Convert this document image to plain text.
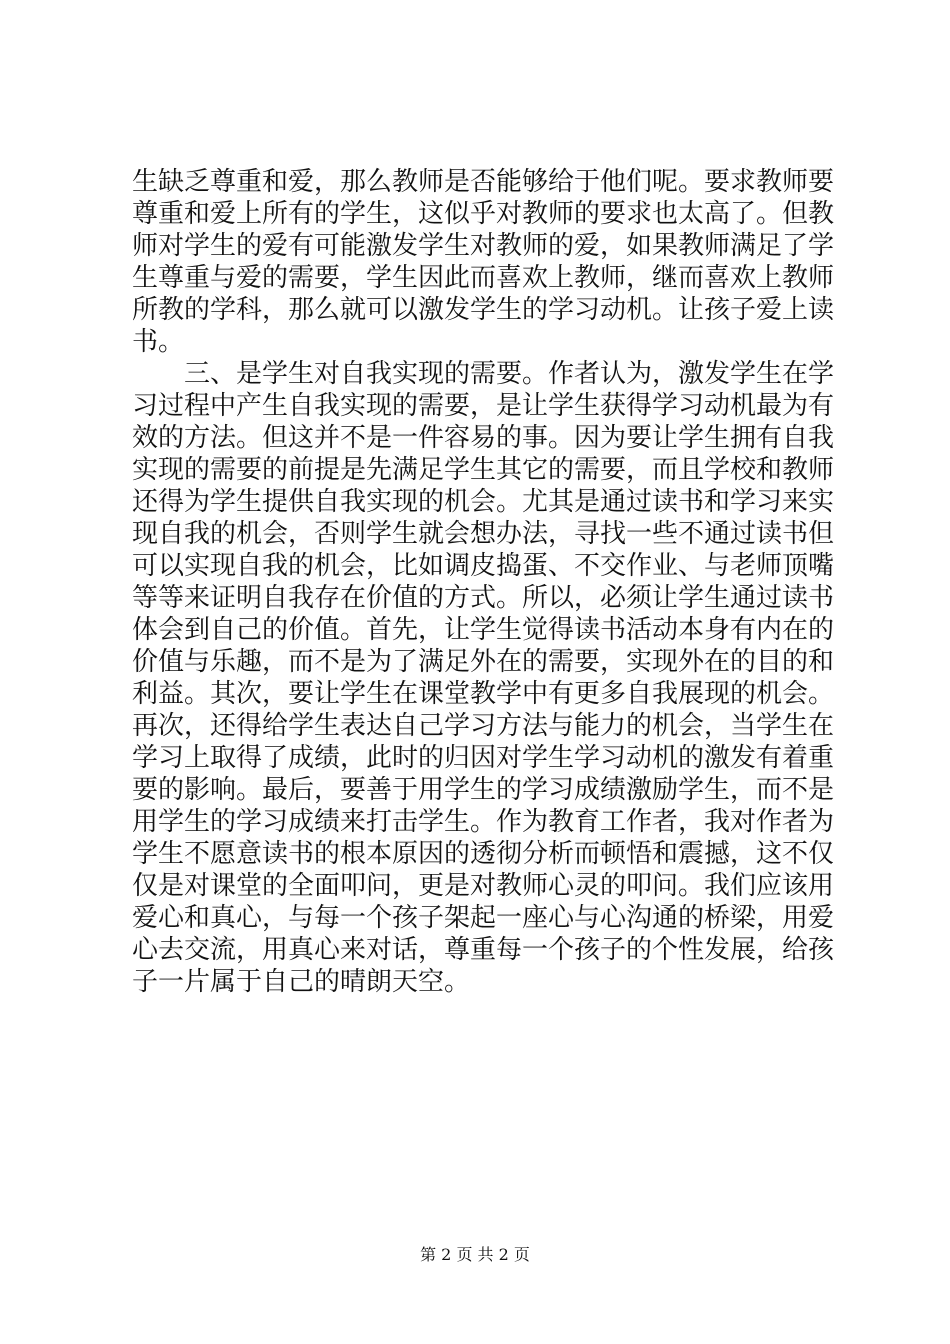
生缺乏尊重和爱，那么教师是否能够给于他们呢。要求教师要
尊重和爱上所有的学生，这似乎对教师的要求也太高了。但教
师对学生的爱有可能激发学生对教师的爱，如果教师满足了学
生尊重与爱的需要，学生因此而喜欢上教师，继而喜欢上教师
所教的学科，那么就可以激发学生的学习动机。让孩子爱上读
书。
三、是学生对自我实现的需要。作者认为，激发学生在学
习过程中产生自我实现的需要，是让学生获得学习动机最为有
效的方法。但这并不是一件容易的事。因为要让学生拥有自我
实现的需要的前提是先满足学生其它的需要，而且学校和教师
还得为学生提供自我实现的机会。尤其是通过读书和学习来实
现自我的机会，否则学生就会想办法，寻找一些不通过读书但
可以实现自我的机会，比如调皮捣蛋、不交作业、与老师顶嘴
等等来证明自我存在价值的方式。所以，必须让学生通过读书
体会到自己的价值。首先，让学生觉得读书活动本身有内在的
价值与乐趣，而不是为了满足外在的需要，实现外在的目的和
利益。其次，要让学生在课堂教学中有更多自我展现的机会。
再次，还得给学生表达自己学习方法与能力的机会，当学生在
学习上取得了成绩，此时的归因对学生学习动机的激发有着重
要的影响。最后，要善于用学生的学习成绩激励学生，而不是
用学生的学习成绩来打击学生。作为教育工作者，我对作者为
学生不愿意读书的根本原因的透彻分析而顿悟和震撼，这不仅
仅是对课堂的全面叩问，更是对教师心灵的叩问。我们应该用
爱心和真心，与每一个孩子架起一座心与心沟通的桥梁，用爱
心去交流，用真心来对话，尊重每一个孩子的个性发展，给孩
子一片属于自己的晴朗天空。
第 2 页 共 2 页
